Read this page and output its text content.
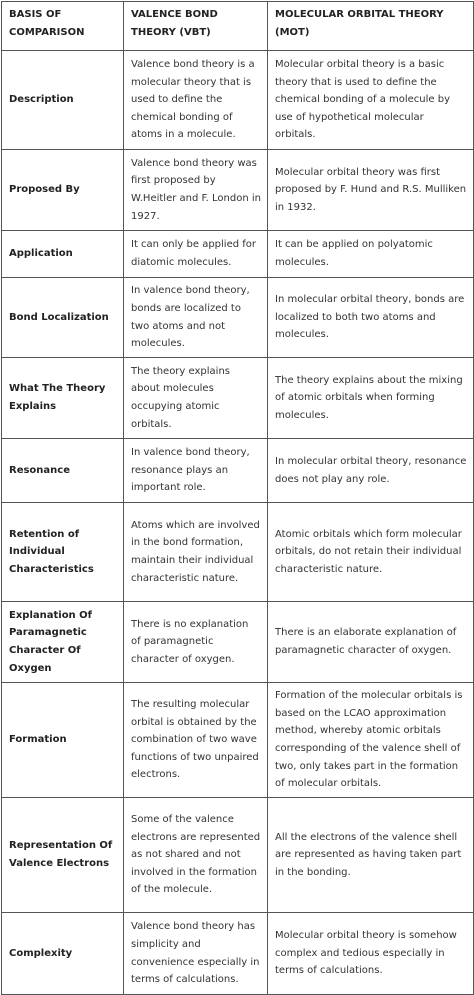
BASIS OF COMPARISON	VALENCE BOND THEORY (VBT)	MOLECULAR ORBITAL THEORY (MOT)
Description	Valence bond theory is a molecular theory that is used to define the chemical bonding of atoms in a molecule.	Molecular orbital theory is a basic theory that is used to define the chemical bonding of a molecule by use of hypothetical molecular orbitals.

Proposed By	Valence bond theory was first proposed by W.Heitler and F. London in 1927.	Molecular orbital theory was first proposed by F. Hund and R.S. Mulliken in 1932.

Application	It can only be applied for diatomic molecules.	It can be applied on polyatomic molecules.

Bond Localization	In valence bond theory, bonds are localized to two atoms and not molecules.	In molecular orbital theory, bonds are localized to both two atoms and molecules.

What The Theory Explains	The theory explains about molecules occupying atomic orbitals.	The theory explains about the mixing of atomic orbitals when forming molecules.

Resonance	In valence bond theory, resonance plays an important role.	In molecular orbital theory, resonance does not play any role.

Retention of Individual Characteristics	Atoms which are involved in the bond formation, maintain their individual characteristic nature.	Atomic orbitals which form molecular orbitals, do not retain their individual characteristic nature.

Explanation Of Paramagnetic Character Of Oxygen	There is no explanation of paramagnetic character of oxygen.	There is an elaborate explanation of paramagnetic character of oxygen.

Formation	The resulting molecular orbital is obtained by the combination of two wave functions of two unpaired electrons.	Formation of the molecular orbitals is based on the LCAO approximation method, whereby atomic orbitals corresponding of the valence shell of two, only takes part in the formation of molecular orbitals.

Representation Of Valence Electrons	Some of the valence electrons are represented as not shared and not involved in the formation of the molecule.	All the electrons of the valence shell are represented as having taken part in the bonding.

Complexity	Valence bond theory has simplicity and convenience especially in terms of calculations.	Molecular orbital theory is somehow complex and tedious especially in terms of calculations.
